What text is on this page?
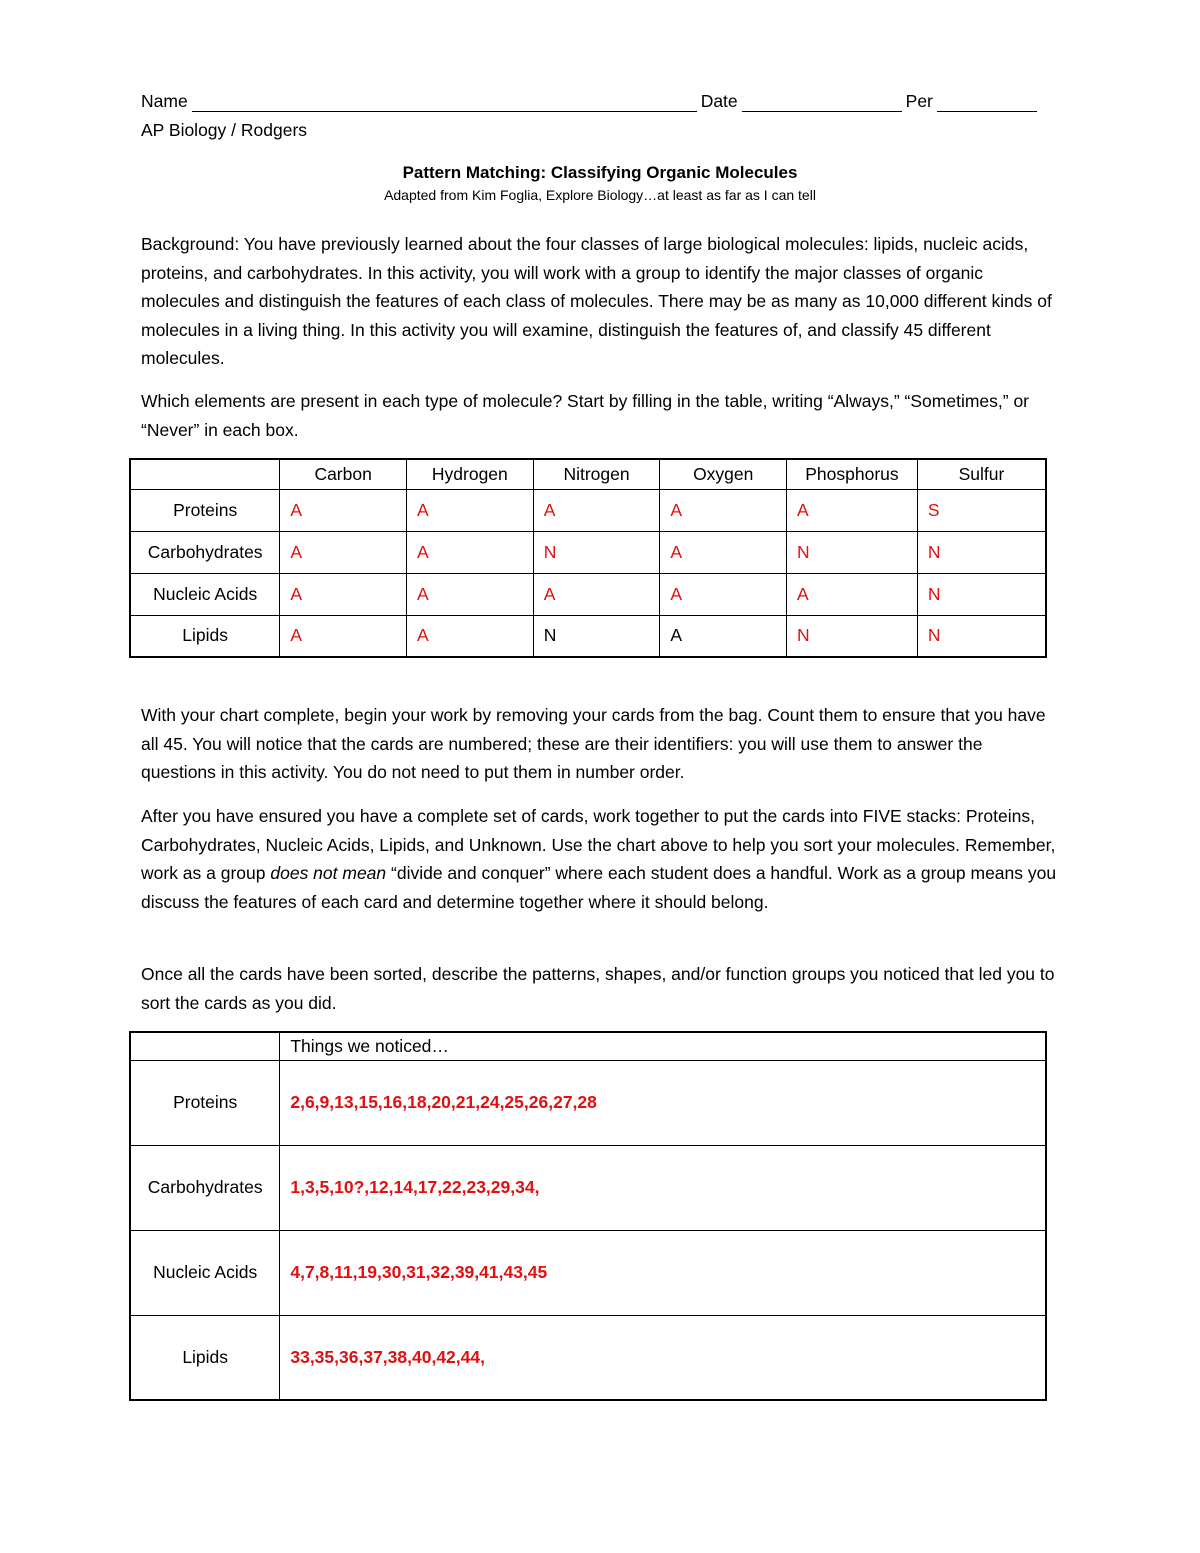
Name	Date	Per
AP Biology / Rodgers
Pattern Matching: Classifying Organic Molecules
Adapted from Kim Foglia, Explore Biology…at least as far as I can tell

Background: You have previously learned about the four classes of large biological molecules: lipids, nucleic acids, proteins, and carbohydrates. In this activity, you will work with a group to identify the major classes of organic molecules and distinguish the features of each class of molecules. There may be as many as 10,000 different kinds of molecules in a living thing. In this activity you will examine, distinguish the features of, and classify 45 different molecules.

Which elements are present in each type of molecule? Start by filling in the table, writing “Always,” “Sometimes,” or “Never” in each box.

	Carbon	Hydrogen	Nitrogen	Oxygen	Phosphorus	Sulfur
Proteins	A	A	A	A	A	S
Carbohydrates	A	A	N	A	N	N
Nucleic Acids	A	A	A	A	A	N
Lipids	A	A	N	A	N	N

With your chart complete, begin your work by removing your cards from the bag. Count them to ensure that you have all 45. You will notice that the cards are numbered; these are their identifiers: you will use them to answer the questions in this activity. You do not need to put them in number order.

After you have ensured you have a complete set of cards, work together to put the cards into FIVE stacks: Proteins, Carbohydrates, Nucleic Acids, Lipids, and Unknown. Use the chart above to help you sort your molecules. Remember, work as a group does not mean “divide and conquer” where each student does a handful. Work as a group means you discuss the features of each card and determine together where it should belong.

Once all the cards have been sorted, describe the patterns, shapes, and/or function groups you noticed that led you to sort the cards as you did.

	Things we noticed…
Proteins	2,6,9,13,15,16,18,20,21,24,25,26,27,28
Carbohydrates	1,3,5,10?,12,14,17,22,23,29,34,
Nucleic Acids	4,7,8,11,19,30,31,32,39,41,43,45
Lipids	33,35,36,37,38,40,42,44,
